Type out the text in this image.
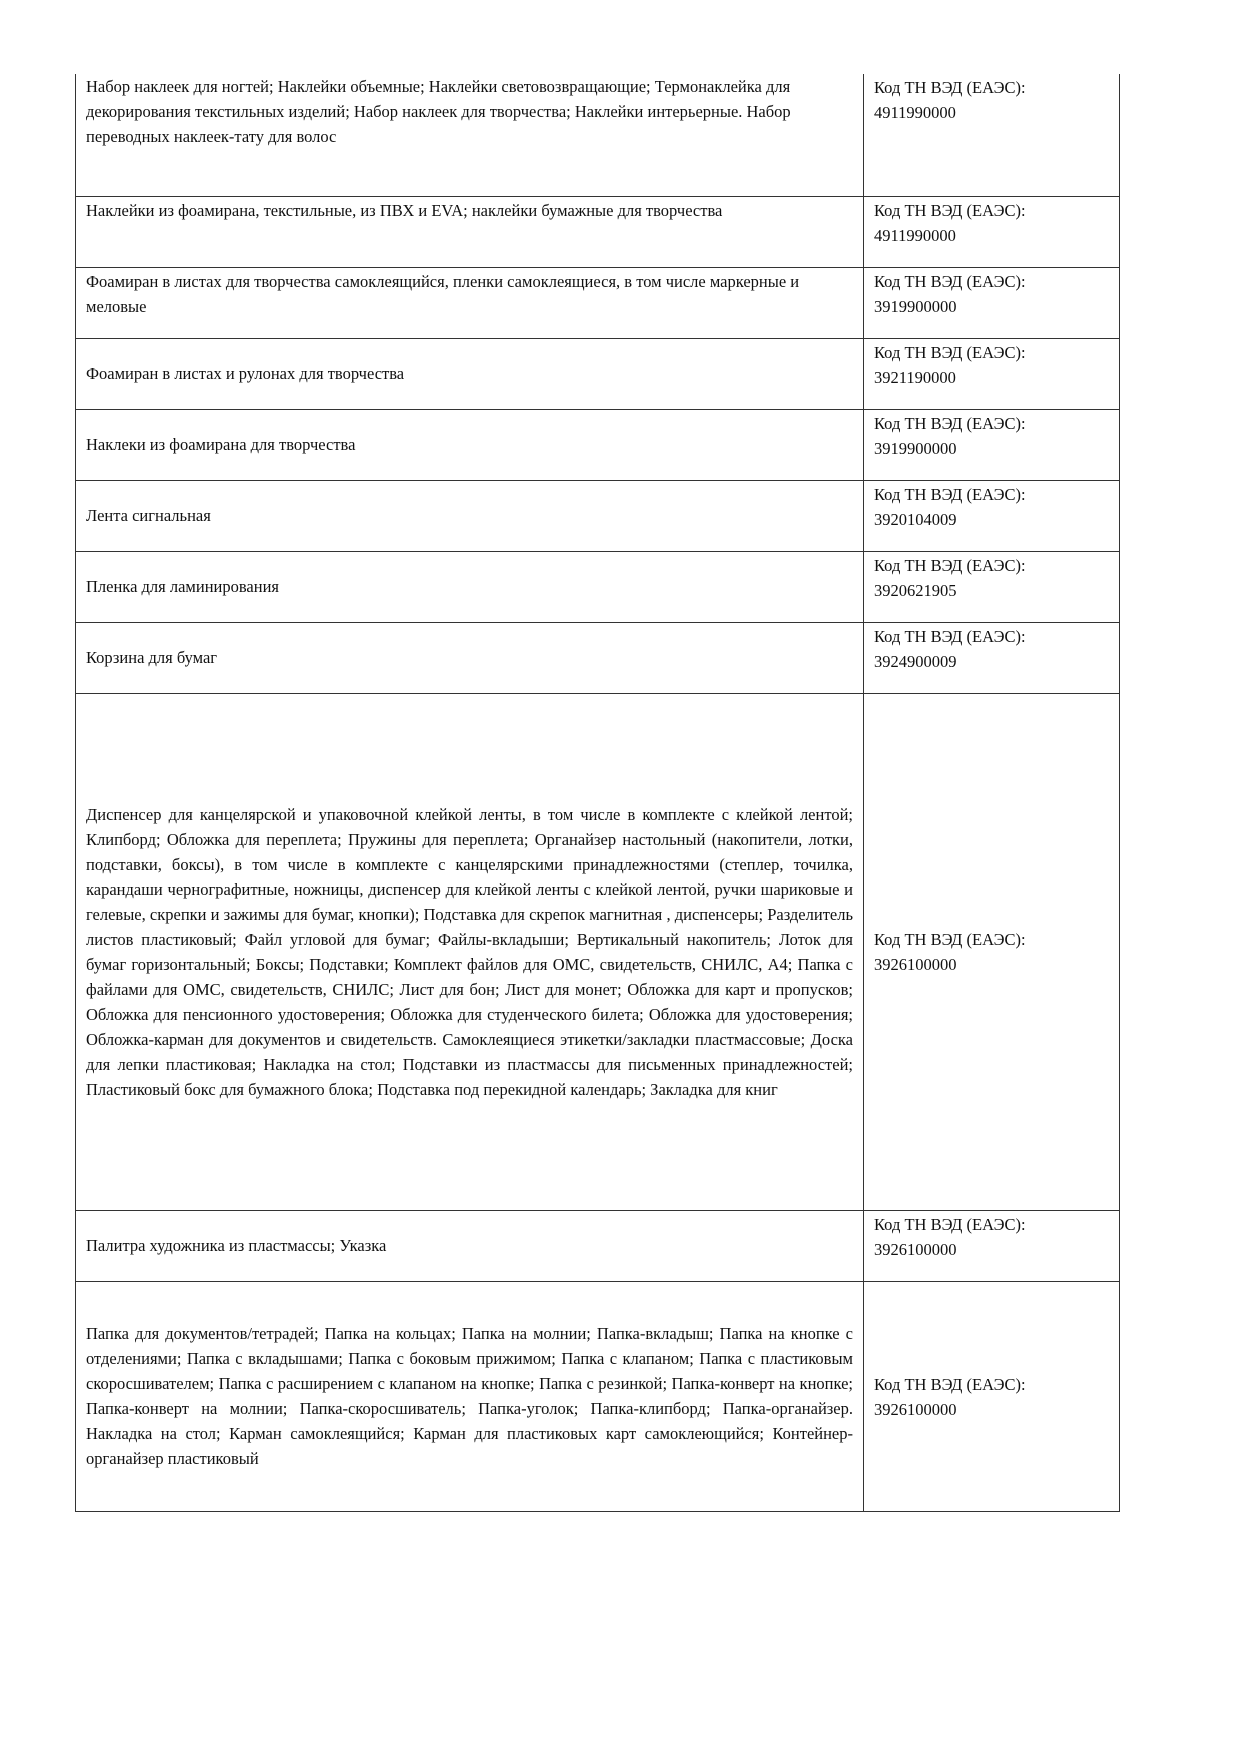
Набор наклеек для ногтей; Наклейки объемные; Наклейки световозвращающие; Термонаклейка для декорирования текстильных изделий; Набор наклеек для творчества; Наклейки интерьерные. Набор переводных наклеек-тату для волос	Код ТН ВЭД (ЕАЭС):
4911990000

Наклейки из фоамирана, текстильные, из ПВХ и EVA; наклейки бумажные для творчества	Код ТН ВЭД (ЕАЭС):
4911990000

Фоамиран в листах для творчества самоклеящийся, пленки самоклеящиеся, в том числе маркерные и меловые	Код ТН ВЭД (ЕАЭС):
3919900000

Фоамиран в листах и рулонах для творчества	Код ТН ВЭД (ЕАЭС):
3921190000

Наклеки из фоамирана для творчества	Код ТН ВЭД (ЕАЭС):
3919900000

Лента сигнальная	Код ТН ВЭД (ЕАЭС):
3920104009

Пленка для ламинирования	Код ТН ВЭД (ЕАЭС):
3920621905

Корзина для бумаг	Код ТН ВЭД (ЕАЭС):
3924900009

Диспенсер для канцелярской и упаковочной клейкой ленты, в том числе в комплекте с клейкой лентой; Клипборд; Обложка для переплета; Пружины для переплета; Органайзер настольный (накопители, лотки, подставки, боксы), в том числе в комплекте с канцелярскими принадлежностями (степлер, точилка, карандаши чернографитные, ножницы, диспенсер для клейкой ленты с клейкой лентой, ручки шариковые и гелевые, скрепки и зажимы для бумаг, кнопки); Подставка для скрепок магнитная , диспенсеры; Разделитель листов пластиковый; Файл угловой для бумаг; Файлы-вкладыши; Вертикальный накопитель; Лоток для бумаг горизонтальный; Боксы; Подставки; Комплект файлов для ОМС, свидетельств, СНИЛС, А4; Папка с файлами для ОМС, свидетельств, СНИЛС; Лист для бон; Лист для монет; Обложка для карт и пропусков; Обложка для пенсионного удостоверения; Обложка для студенческого билета; Обложка для удостоверения; Обложка-карман для документов и свидетельств. Самоклеящиеся этикетки/закладки пластмассовые; Доска для лепки пластиковая; Накладка на стол; Подставки из пластмассы для письменных принадлежностей; Пластиковый бокс для бумажного блока; Подставка под перекидной календарь; Закладка для книг	Код ТН ВЭД (ЕАЭС):
3926100000

Палитра художника из пластмассы; Указка	Код ТН ВЭД (ЕАЭС):
3926100000

Папка для документов/тетрадей; Папка на кольцах; Папка на молнии; Папка-вкладыш; Папка на кнопке с отделениями; Папка с вкладышами; Папка с боковым прижимом; Папка с клапаном; Папка с пластиковым скоросшивателем; Папка с расширением с клапаном на кнопке; Папка с резинкой; Папка-конверт на кнопке; Папка-конверт на молнии; Папка-скоросшиватель; Папка-уголок; Папка-клипборд; Папка-органайзер. Накладка на стол; Карман самоклеящийся; Карман для пластиковых карт самоклеющийся; Контейнер-органайзер пластиковый	Код ТН ВЭД (ЕАЭС):
3926100000
